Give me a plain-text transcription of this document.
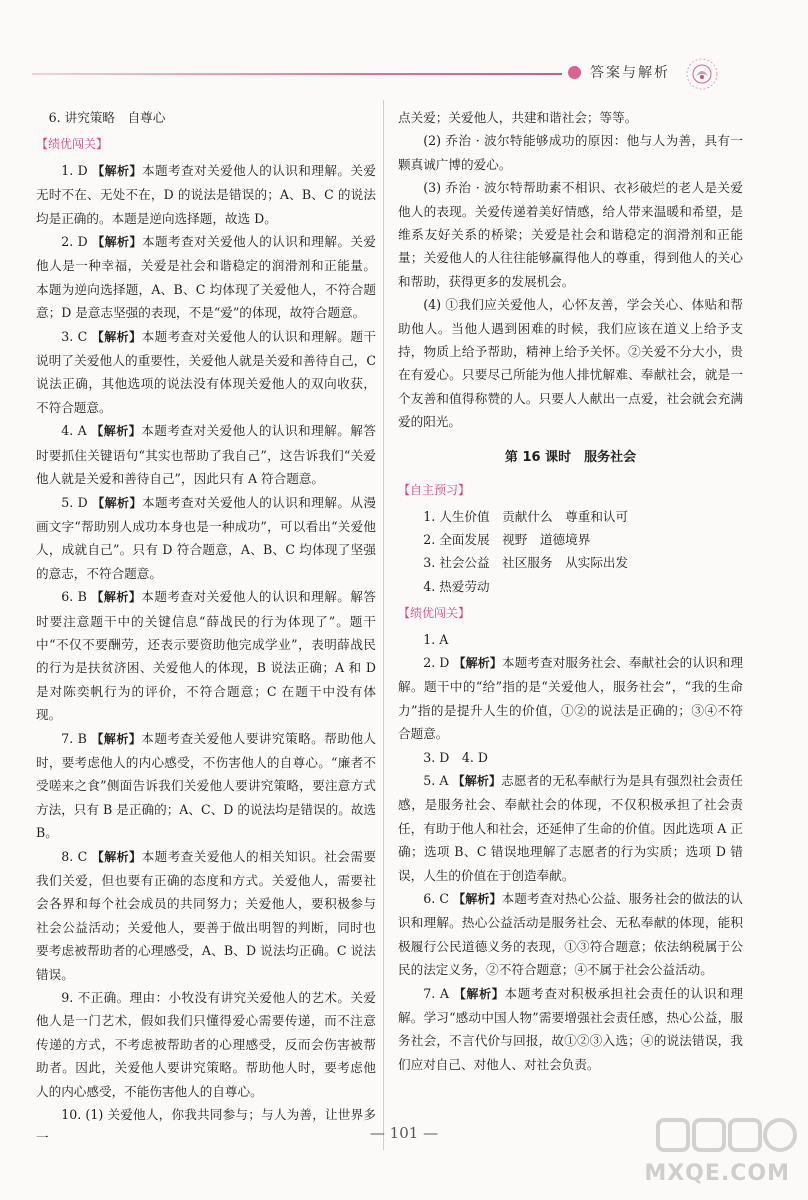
答案与解析

6. 讲究策略　自尊心

【绩优闯关】

1. D 【解析】本题考查对关爱他人的认识和理解。关爱无时不在、无处不在，D 的说法是错误的；A、B、C 的说法均是正确的。本题是逆向选择题，故选 D。

2. D 【解析】本题考查对关爱他人的认识和理解。关爱他人是一种幸福，关爱是社会和谐稳定的润滑剂和正能量。本题为逆向选择题，A、B、C 均体现了关爱他人，不符合题意；D 是意志坚强的表现，不是“爱”的体现，故符合题意。

3. C 【解析】本题考查对关爱他人的认识和理解。题干说明了关爱他人的重要性，关爱他人就是关爱和善待自己，C 说法正确，其他选项的说法没有体现关爱他人的双向收获，不符合题意。

4. A 【解析】本题考查对关爱他人的认识和理解。解答时要抓住关键语句“其实也帮助了我自己”，这告诉我们“关爱他人就是关爱和善待自己”，因此只有 A 符合题意。

5. D 【解析】本题考查对关爱他人的认识和理解。从漫画文字“帮助别人成功本身也是一种成功”，可以看出“关爱他人，成就自己”。只有 D 符合题意，A、B、C 均体现了坚强的意志，不符合题意。

6. B 【解析】本题考查对关爱他人的认识和理解。解答时要注意题干中的关键信息“薛战民的行为体现了”。题干中“不仅不要酬劳，还表示要资助他完成学业”，表明薛战民的行为是扶贫济困、关爱他人的体现，B 说法正确；A 和 D 是对陈奕帆行为的评价，不符合题意；C 在题干中没有体现。

7. B 【解析】本题考查关爱他人要讲究策略。帮助他人时，要考虑他人的内心感受，不伤害他人的自尊心。“廉者不受嗟来之食”侧面告诉我们关爱他人要讲究策略，要注意方式方法，只有 B 是正确的；A、C、D 的说法均是错误的。故选 B。

8. C 【解析】本题考查关爱他人的相关知识。社会需要我们关爱，但也要有正确的态度和方式。关爱他人，需要社会各界和每个社会成员的共同努力；关爱他人，要积极参与社会公益活动；关爱他人，要善于做出明智的判断，同时也要考虑被帮助者的心理感受，A、B、D 说法均正确。C 说法错误。

9. 不正确。理由：小牧没有讲究关爱他人的艺术。关爱他人是一门艺术，假如我们只懂得爱心需要传递，而不注意传递的方式，不考虑被帮助者的心理感受，反而会伤害被帮助者。因此，关爱他人要讲究策略。帮助他人时，要考虑他人的内心感受，不能伤害他人的自尊心。

10. (1) 关爱他人，你我共同参与；与人为善，让世界多一

点关爱；关爱他人，共建和谐社会；等等。

(2) 乔治 · 波尔特能够成功的原因：他与人为善，具有一颗真诚广博的爱心。

(3) 乔治 · 波尔特帮助素不相识、衣衫破烂的老人是关爱他人的表现。关爱传递着美好情感，给人带来温暖和希望，是维系友好关系的桥梁；关爱是社会和谐稳定的润滑剂和正能量；关爱他人的人往往能够赢得他人的尊重，得到他人的关心和帮助，获得更多的发展机会。

(4) ①我们应关爱他人，心怀友善，学会关心、体贴和帮助他人。当他人遇到困难的时候，我们应该在道义上给予支持，物质上给予帮助，精神上给予关怀。②关爱不分大小，贵在有爱心。只要尽己所能为他人排忧解难、奉献社会，就是一个友善和值得称赞的人。只要人人献出一点爱，社会就会充满爱的阳光。

第 16 课时　服务社会
【自主预习】

1. 人生价值　贡献什么　尊重和认可

2. 全面发展　视野　道德境界

3. 社会公益　社区服务　从实际出发

4. 热爱劳动

【绩优闯关】

1. A

2. D 【解析】本题考查对服务社会、奉献社会的认识和理解。题干中的“给”指的是“关爱他人，服务社会”，“我的生命力”指的是提升人生的价值，①②的说法是正确的；③④不符合题意。

3. D　4. D

5. A 【解析】志愿者的无私奉献行为是具有强烈社会责任感，是服务社会、奉献社会的体现，不仅积极承担了社会责任，有助于他人和社会，还延伸了生命的价值。因此选项 A 正确；选项 B、C 错误地理解了志愿者的行为实质；选项 D 错误，人生的价值在于创造奉献。

6. C 【解析】本题考查对热心公益、服务社会的做法的认识和理解。热心公益活动是服务社会、无私奉献的体现，能积极履行公民道德义务的表现，①③符合题意；依法纳税属于公民的法定义务，②不符合题意；④不属于社会公益活动。

7. A 【解析】本题考查对积极承担社会责任的认识和理解。学习“感动中国人物”需要增强社会责任感，热心公益，服务社会，不言代价与回报，故①②③入选；④的说法错误，我们应对自己、对他人、对社会负责。

— 101 —
MXQE.COM
